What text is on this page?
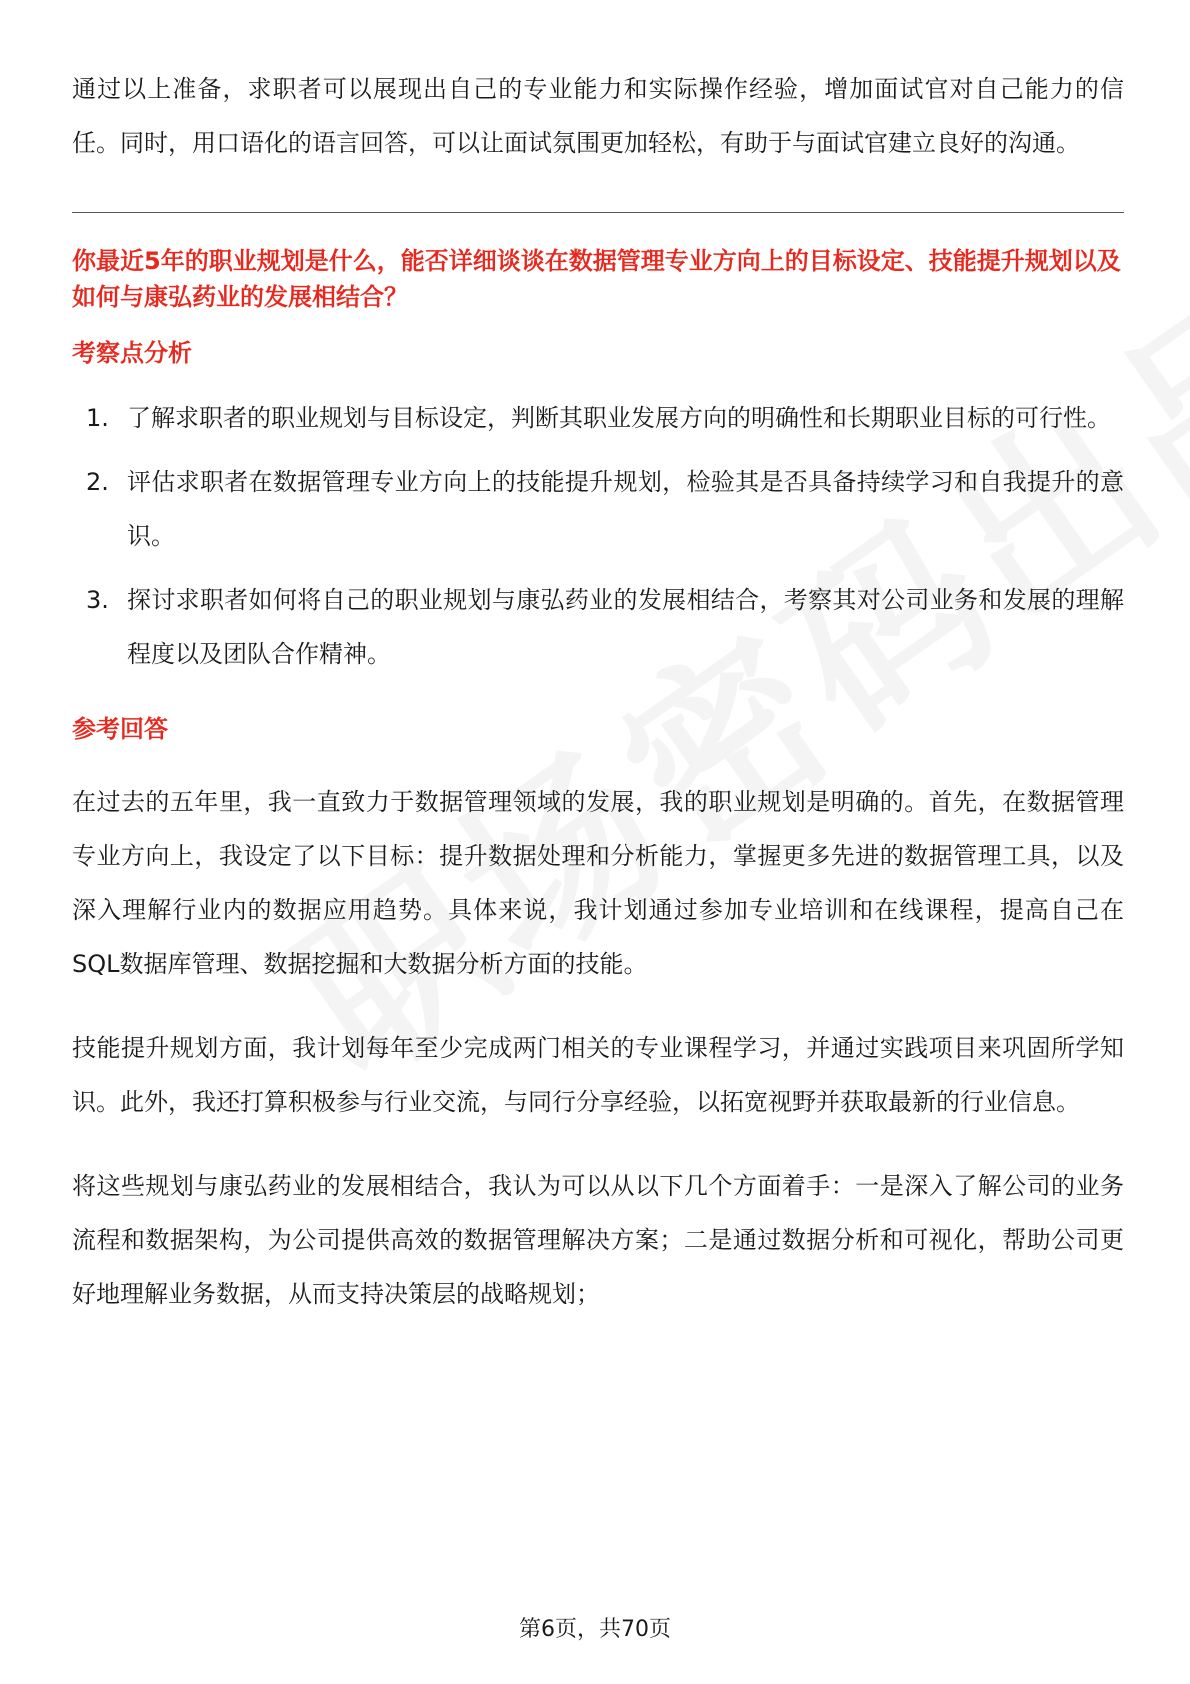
通过以上准备，求职者可以展现出自己的专业能力和实际操作经验，增加面试官对自己能力的信任。同时，用口语化的语言回答，可以让面试氛围更加轻松，有助于与面试官建立良好的沟通。

你最近5年的职业规划是什么，能否详细谈谈在数据管理专业方向上的目标设定、技能提升规划以及如何与康弘药业的发展相结合？

考察点分析
1. 了解求职者的职业规划与目标设定，判断其职业发展方向的明确性和长期职业目标的可行性。
2. 评估求职者在数据管理专业方向上的技能提升规划，检验其是否具备持续学习和自我提升的意识。
3. 探讨求职者如何将自己的职业规划与康弘药业的发展相结合，考察其对公司业务和发展的理解程度以及团队合作精神。
参考回答

在过去的五年里，我一直致力于数据管理领域的发展，我的职业规划是明确的。首先，在数据管理专业方向上，我设定了以下目标：提升数据处理和分析能力，掌握更多先进的数据管理工具，以及深入理解行业内的数据应用趋势。具体来说，我计划通过参加专业培训和在线课程，提高自己在SQL数据库管理、数据挖掘和大数据分析方面的技能。

技能提升规划方面，我计划每年至少完成两门相关的专业课程学习，并通过实践项目来巩固所学知识。此外，我还打算积极参与行业交流，与同行分享经验，以拓宽视野并获取最新的行业信息。

将这些规划与康弘药业的发展相结合，我认为可以从以下几个方面着手：一是深入了解公司的业务流程和数据架构，为公司提供高效的数据管理解决方案；二是通过数据分析和可视化，帮助公司更好地理解业务数据，从而支持决策层的战略规划；

第6页，共70页
